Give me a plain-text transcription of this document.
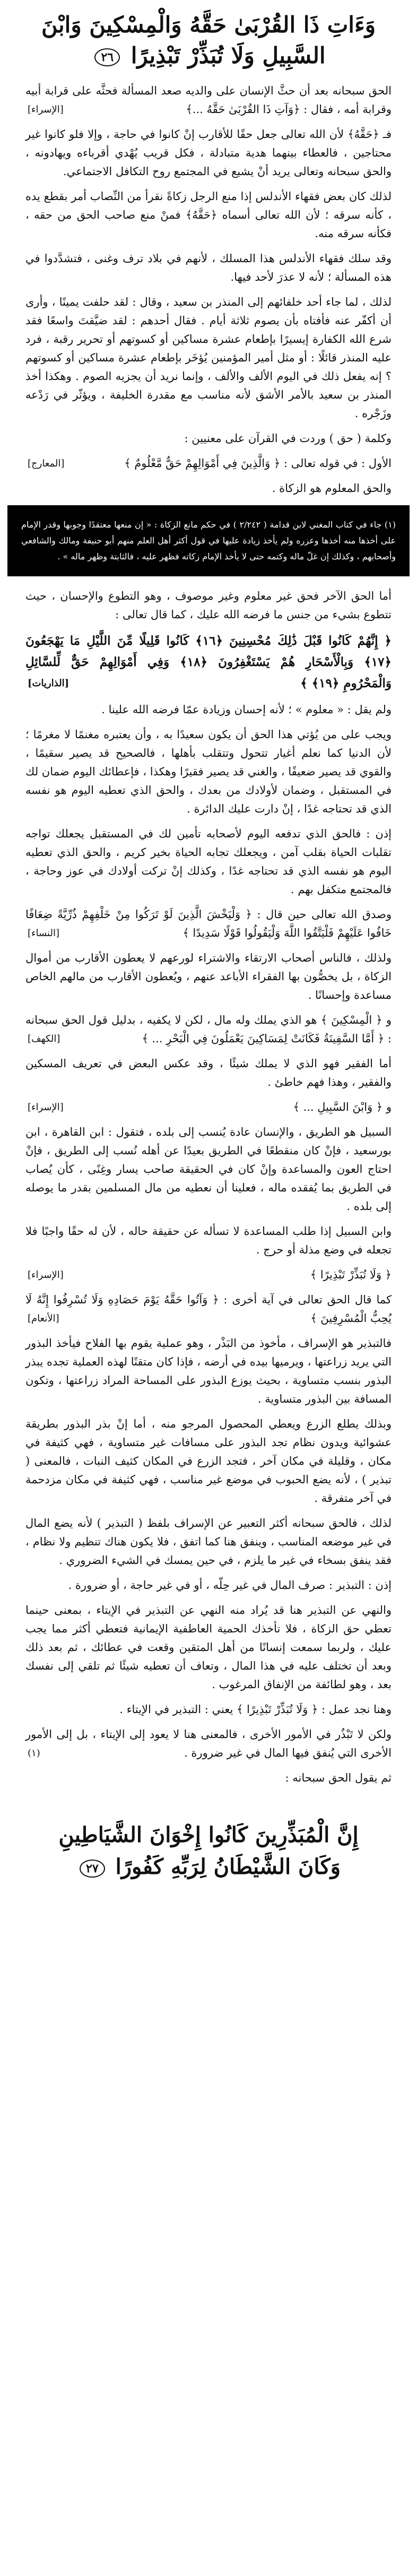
وَءَاتِ ذَا القُرْبَىٰ حَقَّهُ وَالْمِسْكِينَ وَابْنَ السَّبِيلِ وَلَا تُبَذِّرْ تَبْذِيرًا ٢٦
الحق سبحانه بعد أن حثَّ الإنسان على والديه صعد المسألة فحثَّه على قرابة أبيه وقرابة أمه ، فقال : ﴿وَآتِ ذَا القُرْبَىٰ حَقَّهُ ...﴾
[الإسراء]
فـ ﴿حَقَّهُ﴾ لأن الله تعالى جعل حقًا للأقارب إنْ كانوا في حاجة ، وإلا فلو كانوا غير محتاجين ، فالعطاء بينهما هدية متبادلة ، فكل قريب يُهْدي أقرباءه ويهادونه ، والحق سبحانه وتعالى يريد أنْ يشيع في المجتمع روح التكافل الاجتماعي.
لذلك كان بعض فقهاء الأندلس إذا منع الرجل زكاةً نقرأ من النِّصاب أمر بقطع يده ، كأنه سرقه ؛ لأن الله تعالى أسماه ﴿حَقَّهُ﴾ فمنْ منع صاحب الحق من حقه ، فكأنه سرقه منه.
وقد سلك فقهاء الأندلس هذا المسلك ، لأنهم في بلاد ترف وغنى ، فتشدَّدوا في هذه المسألة ؛ لأنه لا عذرَ لأحد فيها.
لذلك ، لما جاء أحد خلفائهم إلى المنذر بن سعيد ، وقال : لقد حلفت يمينًا ، وأرى أن أكفّر عنه فأفتاه بأن يصوم ثلاثة أيام . فقال أحدهم : لقد ضيَّقتَ واسعًا فقد شرع الله الكفارة إيسيرًا بإطعام عشرة مساكين أو كسوتهم أو تحرير رقبة ، فرد عليه المنذر قائلًا : أو مثل أمير المؤمنين يُؤخَر بإطعام عشرة مساكين أو كسوتهم ؟ إنه يفعل ذلك في اليوم الألف والألف ، وإنما نريد أن يجزيه الصوم . وهكذا أخذ المنذر بن سعيد بالأمر الأشق لأنه مناسب مع مقدرة الخليفة ، ويؤثّر في رَدْعه وزَجْره .
وكلمة ( حق ) وردت في القرآن على معنيين :
الأول : في قوله تعالى : ﴿ وَالَّذِينَ فِي أَمْوَالِهِمْ حَقٌّ مَّعْلُومٌ ﴾
[المعارج]
والحق المعلوم هو الزكاة .
(١) جاء في كتاب المغني لابن قدامة ( ٢/٢٤٢ ) في حكم مانع الزكاة : « إن منعها معتقدًا وجوبها وقدر الإمام على أخذها منه أخذها وعزره ولم يأخذ زيادة عليها في قول أكثر أهل العلم منهم أبو حنيفة ومالك والشافعي وأصحابهم ، وكذلك إن غلّ ماله وكتمه حتى لا يأخذ الإمام زكاته فظهر عليه ، فالثابتة وظهر ماله » .
أما الحق الآخر فحق غير معلوم وغير موصوف ، وهو التطوع والإحسان ، حيث تتطوع بشيء من جنس ما فرضه الله عليك ، كما قال تعالى :
﴿ إِنَّهُمْ كَانُوا قَبْلَ ذَٰلِكَ مُحْسِنِينَ ﴿١٦﴾ كَانُوا قَلِيلًا مِّنَ اللَّيْلِ مَا يَهْجَعُونَ ﴿١٧﴾ وَبِالْأَسْحَارِ هُمْ يَسْتَغْفِرُونَ ﴿١٨﴾ وَفِي أَمْوَالِهِمْ حَقٌّ لِّلسَّائِلِ وَالْمَحْرُومِ ﴿١٩﴾ ﴾
[الذاريات]
ولم يقل : « معلوم » ؛ لأنه إحسان وزيادة عمّا فرضه الله علينا .
ويجب على من يُؤتي هذا الحق أن يكون سعيدًا به ، وأن يعتبره مغنمًا لا مغرمًا ؛ لأن الدنيا كما نعلم أغيار تتحول وتتقلب بأهلها ، فالصحيح قد يصير سقيمًا ، والقوي قد يصير ضعيفًا ، والغني قد يصير فقيرًا وهكذا ، فإعطائك اليوم ضمان لك في المستقبل ، وضمان لأولادك من بعدك ، والحق الذي تعطيه اليوم هو نفسه الذي قد تحتاجه غدًا ، إنْ دارت عليك الدائرة .
إذن : فالحق الذي تدفعه اليوم لأصحابه تأمين لك في المستقبل يجعلك تواجه تقلبات الحياة بقلب آمن ، ويجعلك تجابه الحياة بخير كريم ، والحق الذي تعطيه اليوم هو نفسه الذي قد تحتاجه غدًا ، وكذلك إنْ تركت أولادك في عوز وحاجة ، فالمجتمع متكفل بهم .
وصدق الله تعالى حين قال : ﴿ وَلْيَخْشَ الَّذِينَ لَوْ تَرَكُوا مِنْ خَلْفِهِمْ ذُرِّيَّةً ضِعَافًا خَافُوا عَلَيْهِمْ فَلْيَتَّقُوا اللَّهَ وَلْيَقُولُوا قَوْلًا سَدِيدًا ﴾
[النساء]
ولذلك ، فالناس أصحاب الارتقاء والاشتراء لورعهم لا يعطون الأقارب من أموال الزكاة ، بل يخصُّون بها الفقراء الأباعد عنهم ، ويُعطون الأقارب من مالهم الخاص مساعدة وإحسانًا .
و ﴿ الْمِسْكِينَ ﴾ هو الذي يملك وله مال ، لكن لا يكفيه ، بدليل قول الحق سبحانه : ﴿ أَمَّا السَّفِينَةُ فَكَانَتْ لِمَسَاكِينَ يَعْمَلُونَ فِي الْبَحْرِ ... ﴾
[الكهف]
أما الفقير فهو الذي لا يملك شيئًا ، وقد عكس البعض في تعريف المسكين والفقير ، وهذا فهم خاطئ .
و ﴿ وَابْنَ السَّبِيلِ ... ﴾
[الإسراء]
السبيل هو الطريق ، والإنسان عادة يُنسب إلى بلده ، فتقول : ابن القاهرة ، ابن بورسعيد ، فإنْ كان منقطعًا في الطريق بعيدًا عن أهله نُسب إلى الطريق ، فإنْ احتاج العون والمساعدة وإنْ كان في الحقيقة صاحب يسار وغِنًى ، كأن يُصاب في الطريق بما يُفقده ماله ، فعلينا أن نعطيه من مال المسلمين بقدر ما يوصله إلى بلده .
وابن السبيل إذا طلب المساعدة لا تسأله عن حقيقة حاله ، لأن له حقًا واجبًا فلا تجعله في وضع مذلة أو حرج .
﴿ وَلَا تُبَذِّرْ تَبْذِيرًا ﴾
[الإسراء]
كما قال الحق تعالى في آية أخرى : ﴿ وَآتُوا حَقَّهُ يَوْمَ حَصَادِهِ وَلَا تُسْرِفُوا إِنَّهُ لَا يُحِبُّ الْمُسْرِفِينَ ﴾
[الأنعام]
فالتبذير هو الإسراف ، مأخوذ من البَذْر ، وهو عملية يقوم بها الفلاح فيأخذ البذور التي يريد زراعتها ، ويرميها بيده في أرضه ، فإذا كان متقنًا لهذه العملية تجده يبذر البذور بنسب متساوية ، بحيث يوزع البذور على المساحة المراد زراعتها ، وتكون المسافة بين البذور متساوية .
وبذلك يطلع الزرع ويعطي المحصول المرجو منه ، أما إنْ بذر البذور بطريقة عشوائية ويدون نظام تجد البذور على مسافات غير متساوية ، فهي كثيفة في مكان ، وقليلة في مكان آخر ، فتجد الزرع في المكان كثيف النبات ، فالمعنى ( تبذير ) ، لأنه يضع الحبوب في موضع غير مناسب ، فهي كثيفة في مكان مزدحمة في آخر متفرقة .
لذلك ، فالحق سبحانه أكثر التعبير عن الإسراف بلفظ ( التبذير ) لأنه يضع المال في غير موضعه المناسب ، وينفق هنا كما اتفق ، فلا يكون هناك تنظيم ولا نظام ، فقد ينفق بسخاء في غير ما يلزم ، في حين يمسك في الشيء الضروري .
إذن : التبذير : صرف المال في غير حِلّه ، أو في غير حاجة ، أو ضرورة .
والنهي عن التبذير هنا قد يُراد منه النهي عن التبذير في الإيتاء ، بمعنى حينما تعطي حق الزكاة ، فلا تأخذك الحمية العاطفية الإيمانية فتعطي أكثر مما يجب عليك ، ولربما سمعت إنسانًا من أهل المتقين وقعت في عطائك ، ثم بعد ذلك وبعد أن تختلف عليه في هذا المال ، وتعاف أن تعطيه شيئًا ثم تلقي إلى نفسك بعد ، وهو لطائفة من الإنفاق المرغوب .
وهنا نجد عمل : ﴿ وَلَا تُبَذِّرْ تَبْذِيرًا ﴾ يعني : التبذير في الإيتاء .
ولكن لا تَبْذُر في الأمور الأخرى ، فالمعنى هنا لا يعود إلى الإيتاء ، بل إلى الأمور الأخرى التي يُنفق فيها المال في غير ضرورة .
(١)
ثم يقول الحق سبحانه :
إِنَّ الْمُبَذِّرِينَ كَانُوا إِخْوَانَ الشَّيَاطِينِ
وَكَانَ الشَّيْطَانُ لِرَبِّهِ كَفُورًا ٢٧
